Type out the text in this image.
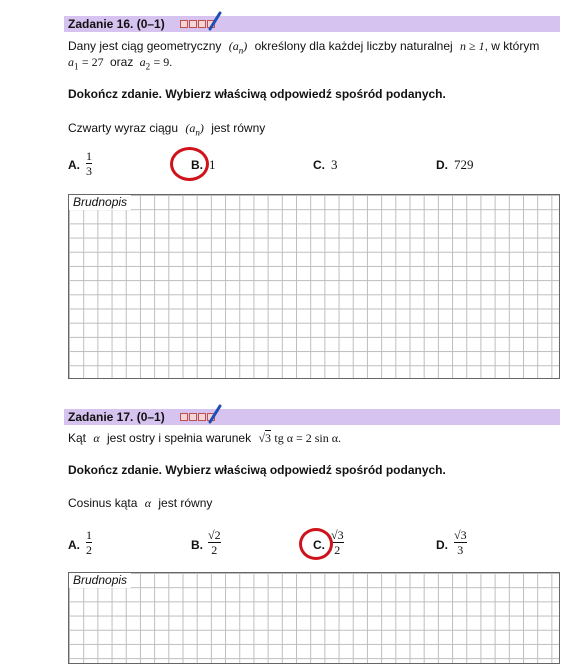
Zadanie 16. (0–1)
Dany jest ciąg geometryczny $(a_n)$ określony dla każdej liczby naturalnej n ≥ 1, w którym
$a_1 = 27$ oraz $a_2 = 9$.
Dokończ zdanie. Wybierz właściwą odpowiedź spośród podanych.
Czwarty wyraz ciągu $(a_n)$ jest równy
A.
1
3	B. 1	C. 3	D. 729
Brudnopis
Zadanie 17. (0–1)
Kąt α jest ostry i spełnia warunek √3 tg α = 2 sin α.
Dokończ zdanie. Wybierz właściwą odpowiedź spośród podanych.
Cosinus kąta α jest równy
A.
1
2	B.
√2
2	C.
√3
2	D.
√3
3
Brudnopis
